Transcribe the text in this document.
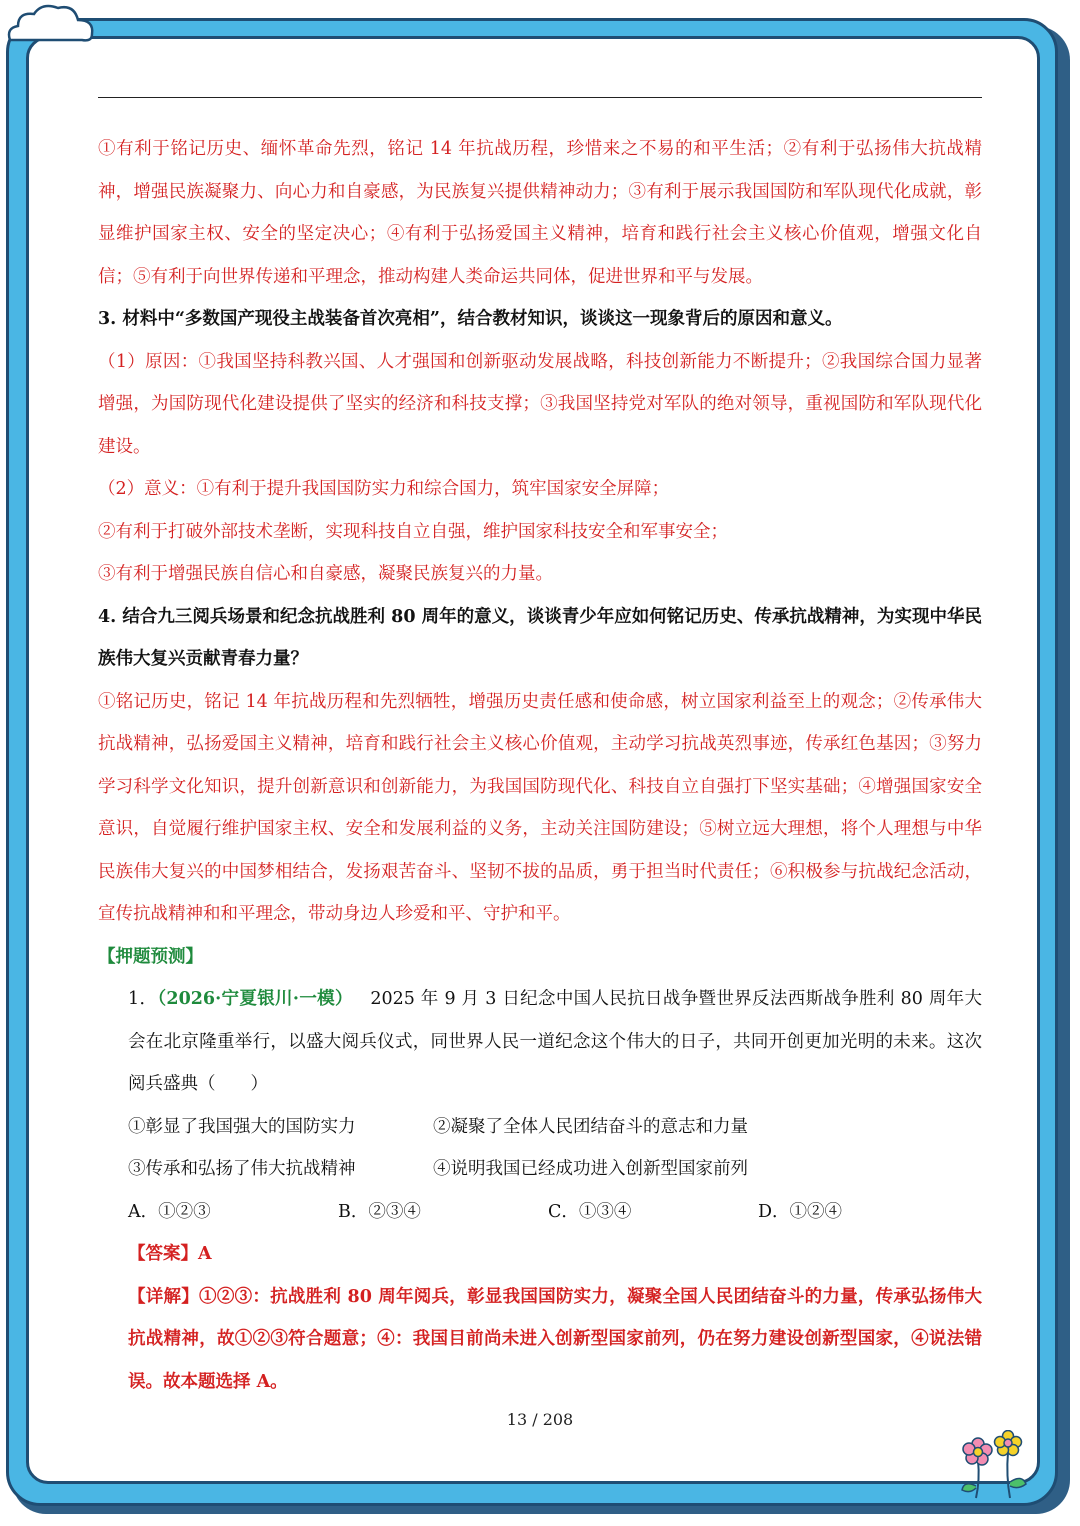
①有利于铭记历史、缅怀革命先烈，铭记 14 年抗战历程，珍惜来之不易的和平生活；②有利于弘扬伟大抗战精神，增强民族凝聚力、向心力和自豪感，为民族复兴提供精神动力；③有利于展示我国国防和军队现代化成就，彰显维护国家主权、安全的坚定决心；④有利于弘扬爱国主义精神，培育和践行社会主义核心价值观，增强文化自信；⑤有利于向世界传递和平理念，推动构建人类命运共同体，促进世界和平与发展。

3. 材料中“多数国产现役主战装备首次亮相”，结合教材知识，谈谈这一现象背后的原因和意义。

（1）原因：①我国坚持科教兴国、人才强国和创新驱动发展战略，科技创新能力不断提升；②我国综合国力显著增强，为国防现代化建设提供了坚实的经济和科技支撑；③我国坚持党对军队的绝对领导，重视国防和军队现代化建设。

（2）意义：①有利于提升我国国防实力和综合国力，筑牢国家安全屏障；

②有利于打破外部技术垄断，实现科技自立自强，维护国家科技安全和军事安全；

③有利于增强民族自信心和自豪感，凝聚民族复兴的力量。

4. 结合九三阅兵场景和纪念抗战胜利 80 周年的意义，谈谈青少年应如何铭记历史、传承抗战精神，为实现中华民族伟大复兴贡献青春力量？

①铭记历史，铭记 14 年抗战历程和先烈牺牲，增强历史责任感和使命感，树立国家利益至上的观念；②传承伟大抗战精神，弘扬爱国主义精神，培育和践行社会主义核心价值观，主动学习抗战英烈事迹，传承红色基因；③努力学习科学文化知识，提升创新意识和创新能力，为我国国防现代化、科技自立自强打下坚实基础；④增强国家安全意识，自觉履行维护国家主权、安全和发展利益的义务，主动关注国防建设；⑤树立远大理想，将个人理想与中华民族伟大复兴的中国梦相结合，发扬艰苦奋斗、坚韧不拔的品质，勇于担当时代责任；⑥积极参与抗战纪念活动，宣传抗战精神和和平理念，带动身边人珍爱和平、守护和平。

【押题预测】

1．（2026·宁夏银川·一模）  2025 年 9 月 3 日纪念中国人民抗日战争暨世界反法西斯战争胜利 80 周年大会在北京隆重举行，以盛大阅兵仪式，同世界人民一道纪念这个伟大的日子，共同开创更加光明的未来。这次阅兵盛典（　　）

①彰显了我国强大的国防实力	②凝聚了全体人民团结奋斗的意志和力量
③传承和弘扬了伟大抗战精神	④说明我国已经成功进入创新型国家前列
A．①②③	B．②③④	C．①③④	D．①②④

【答案】A

【详解】①②③：抗战胜利 80 周年阅兵，彰显我国国防实力，凝聚全国人民团结奋斗的力量，传承弘扬伟大抗战精神，故①②③符合题意；④：我国目前尚未进入创新型国家前列，仍在努力建设创新型国家，④说法错误。故本题选择 A。

13 / 208
